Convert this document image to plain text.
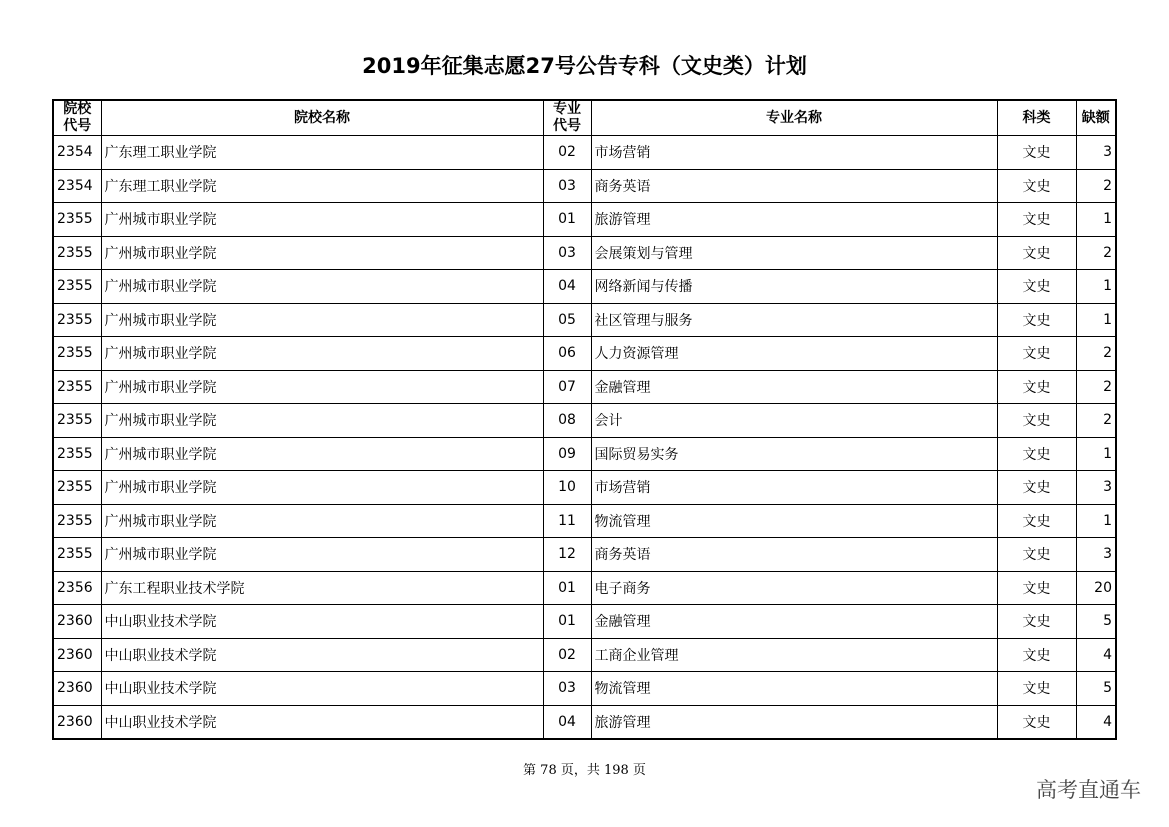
2019年征集志愿27号公告专科（文史类）计划
院校代号	院校名称	专业代号	专业名称	科类	缺额
2354	广东理工职业学院	02	市场营销	文史	3
2354	广东理工职业学院	03	商务英语	文史	2
2355	广州城市职业学院	01	旅游管理	文史	1
2355	广州城市职业学院	03	会展策划与管理	文史	2
2355	广州城市职业学院	04	网络新闻与传播	文史	1
2355	广州城市职业学院	05	社区管理与服务	文史	1
2355	广州城市职业学院	06	人力资源管理	文史	2
2355	广州城市职业学院	07	金融管理	文史	2
2355	广州城市职业学院	08	会计	文史	2
2355	广州城市职业学院	09	国际贸易实务	文史	1
2355	广州城市职业学院	10	市场营销	文史	3
2355	广州城市职业学院	11	物流管理	文史	1
2355	广州城市职业学院	12	商务英语	文史	3
2356	广东工程职业技术学院	01	电子商务	文史	20
2360	中山职业技术学院	01	金融管理	文史	5
2360	中山职业技术学院	02	工商企业管理	文史	4
2360	中山职业技术学院	03	物流管理	文史	5
2360	中山职业技术学院	04	旅游管理	文史	4
第 78 页，共 198 页
高考直通车
